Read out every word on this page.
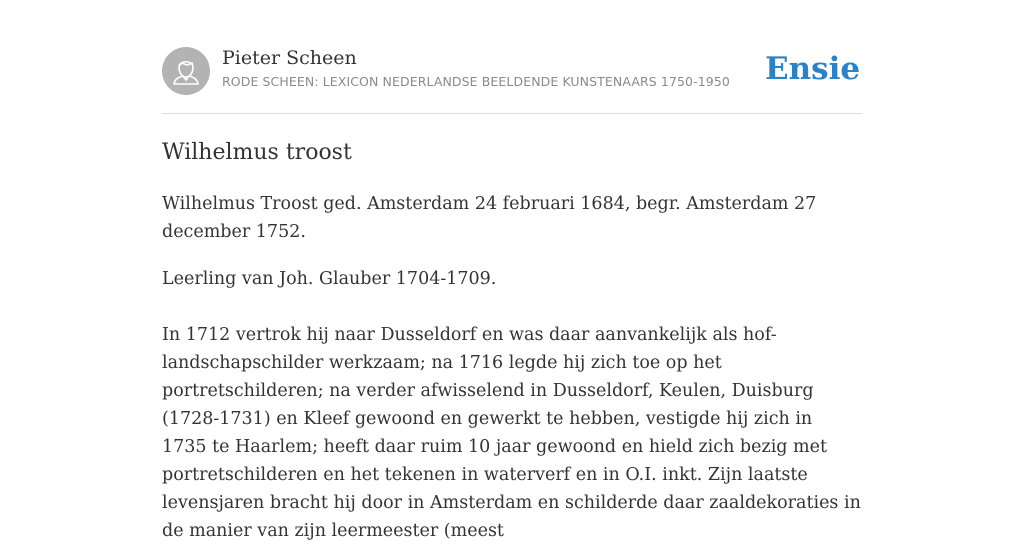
Pieter Scheen
RODE SCHEEN: LEXICON NEDERLANDSE BEELDENDE KUNSTENAARS 1750-1950 Ensie
Wilhelmus troost

Wilhelmus Troost ged. Amsterdam 24 februari 1684, begr. Amsterdam 27 december 1752.

Leerling van Joh. Glauber 1704-1709.

In 1712 vertrok hij naar Dusseldorf en was daar aanvankelijk als hof-landschapschilder werkzaam; na 1716 legde hij zich toe op het portretschilderen; na verder afwisselend in Dusseldorf, Keulen, Duisburg (1728-1731) en Kleef gewoond en gewerkt te hebben, vestigde hij zich in 1735 te Haarlem; heeft daar ruim 10 jaar gewoond en hield zich bezig met portretschilderen en het tekenen in waterverf en in O.I. inkt. Zijn laatste levensjaren bracht hij door in Amsterdam en schilderde daar zaaldekoraties in de manier van zijn leermeester (meest
